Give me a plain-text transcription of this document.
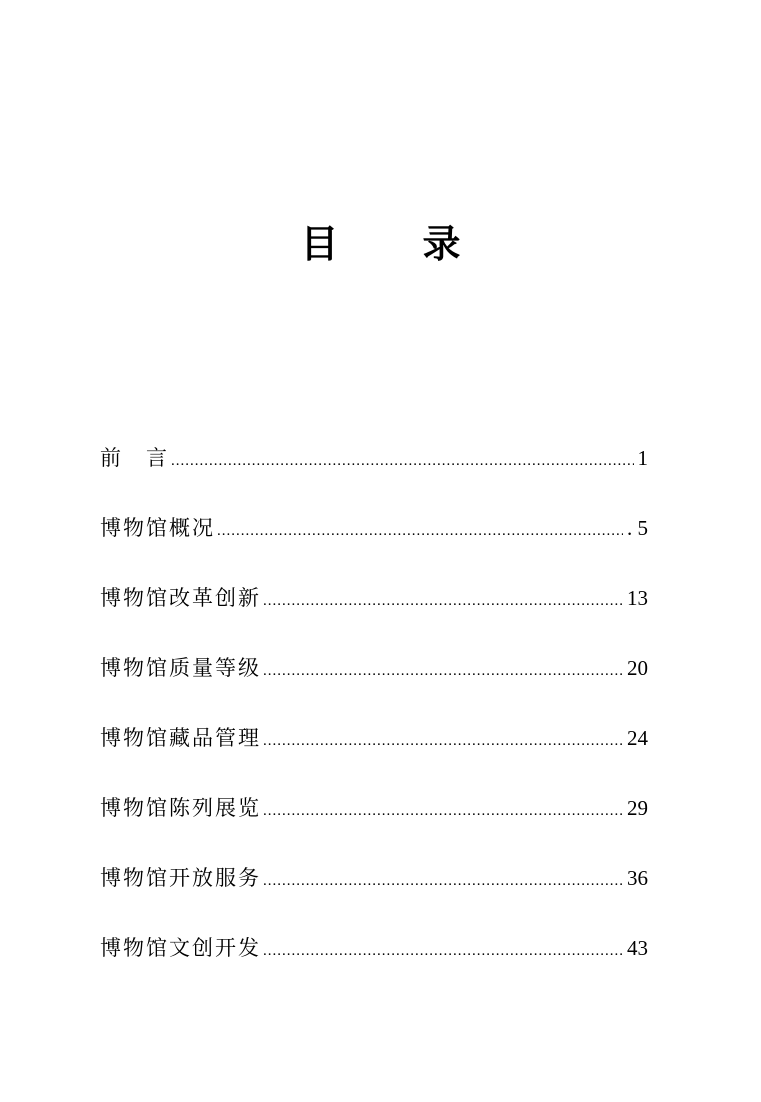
目 录
前　言 .....	1
博物馆概况 .....	. 5
博物馆改革创新 .....	13
博物馆质量等级 .....	20
博物馆藏品管理 .....	24
博物馆陈列展览 .....	29
博物馆开放服务 .....	36
博物馆文创开发 .....	43
